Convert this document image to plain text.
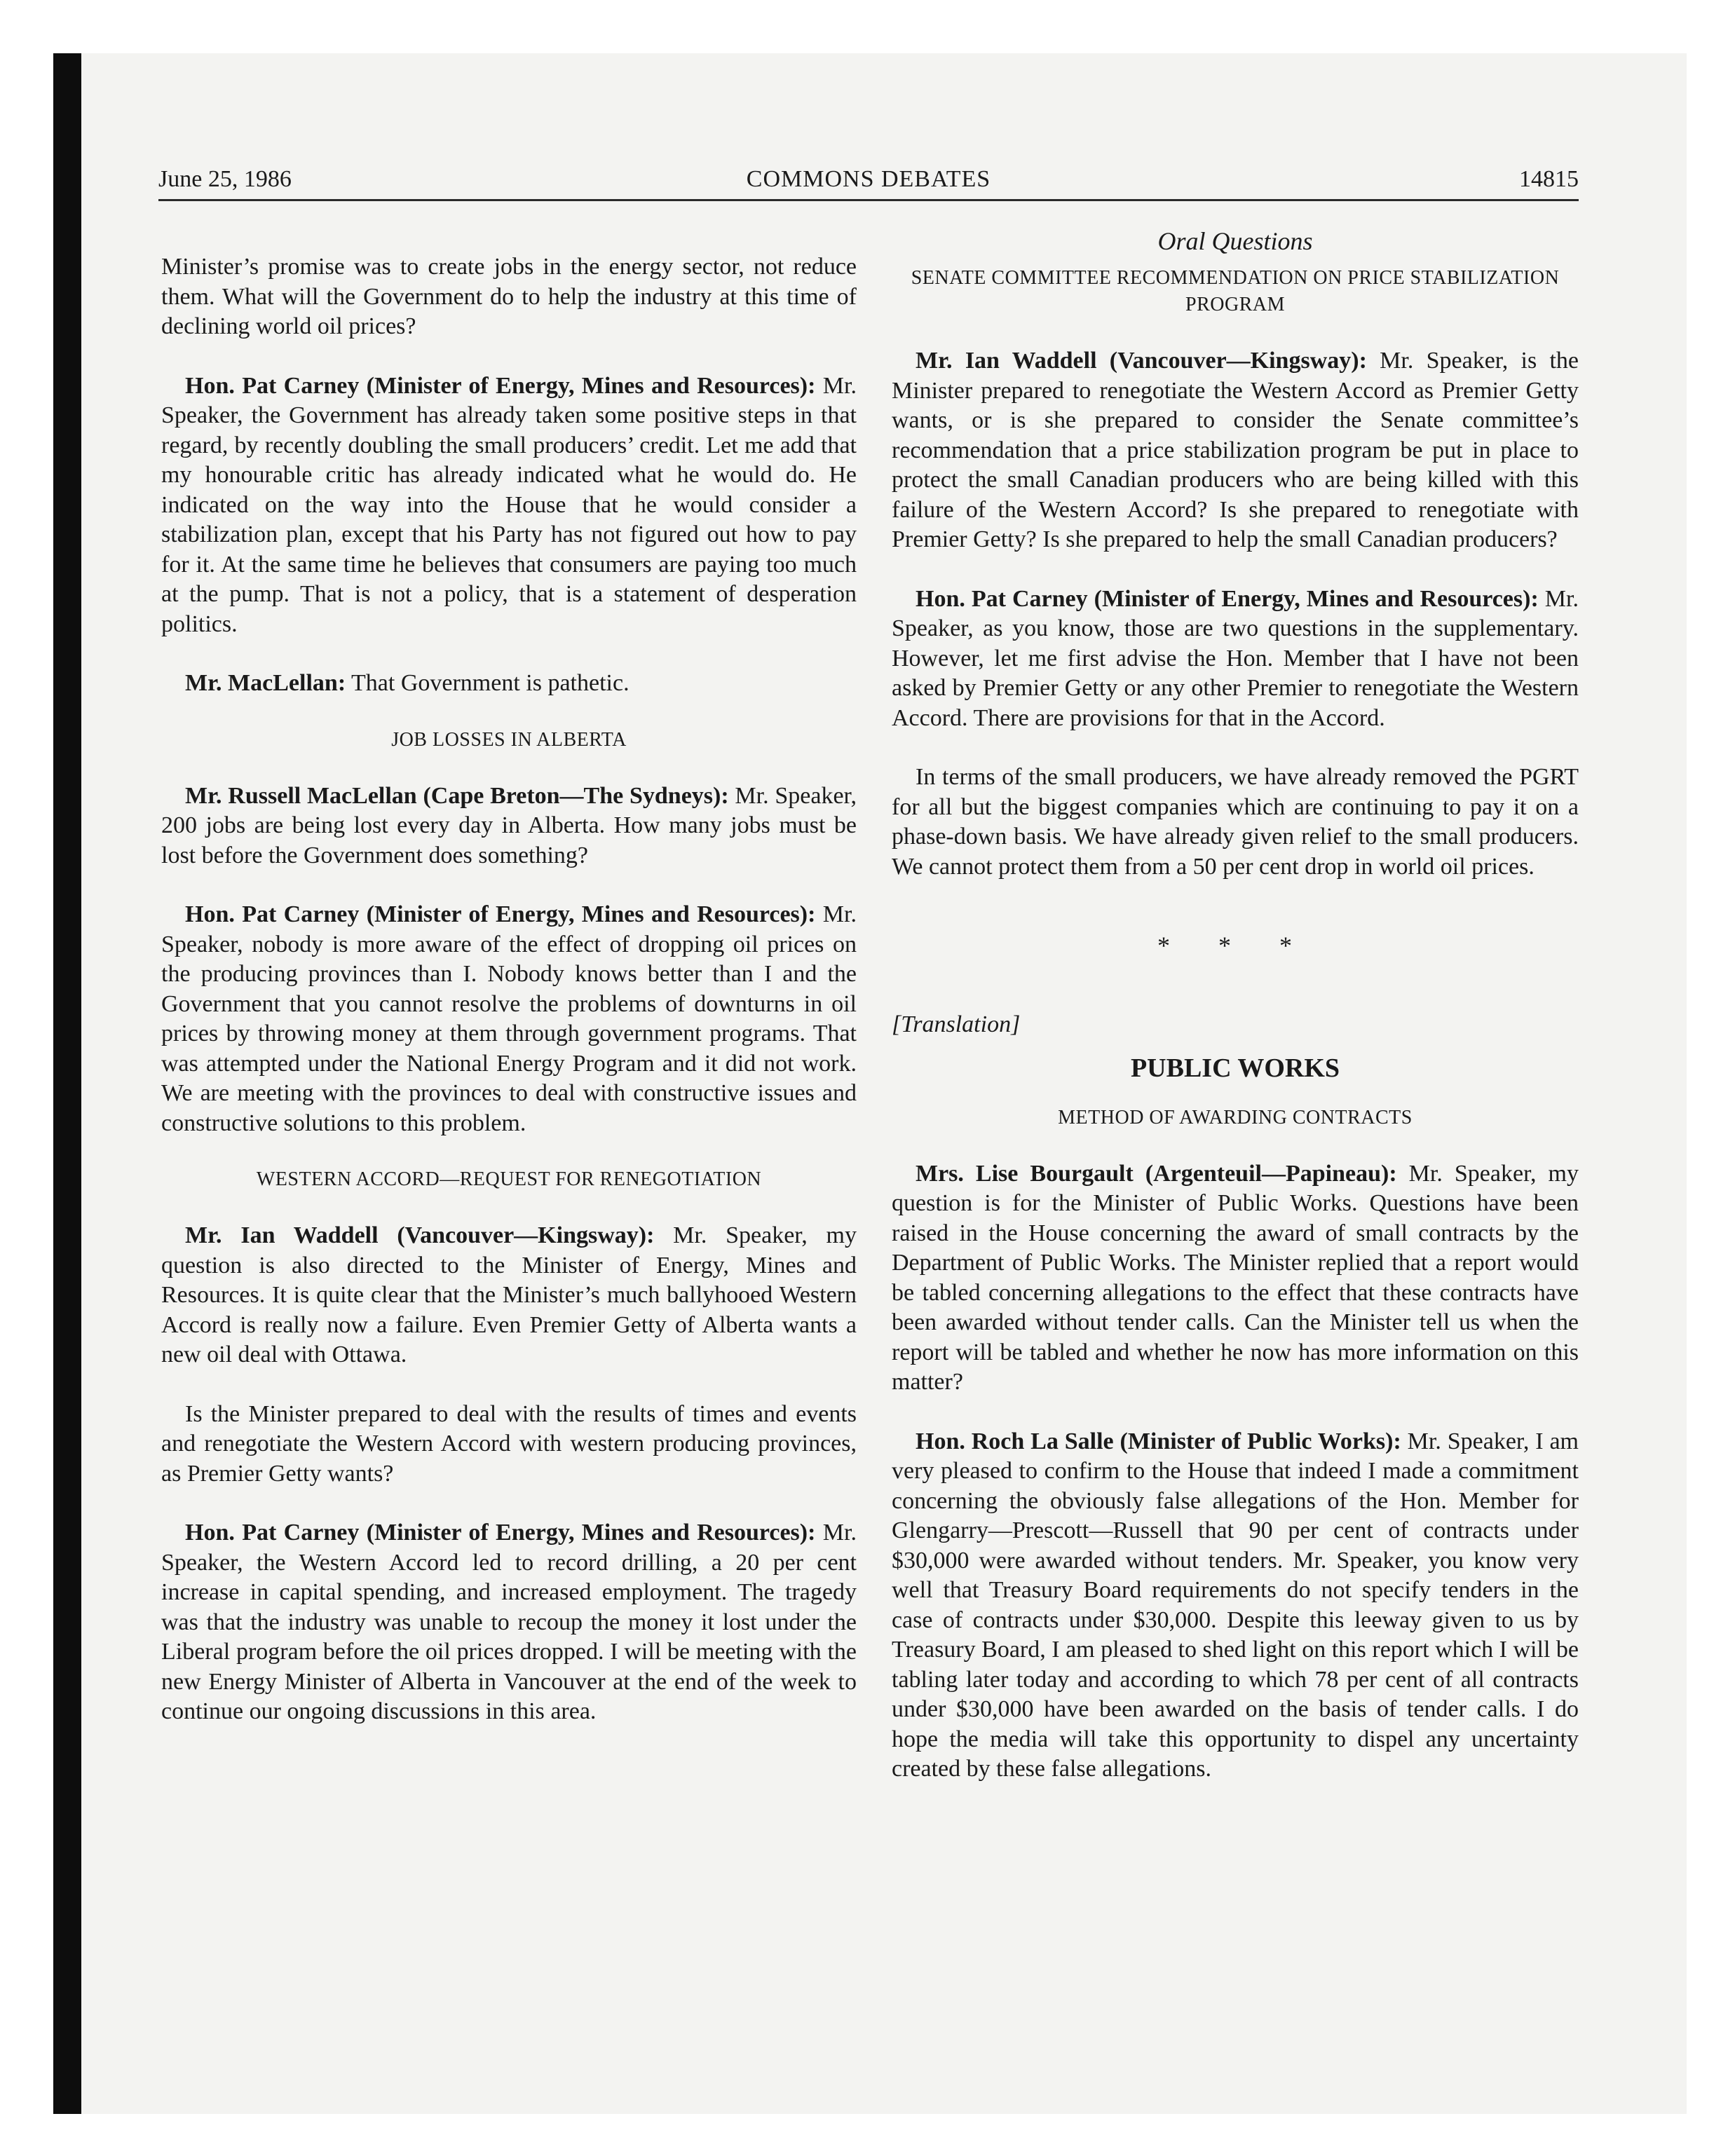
COMMONS DEBATES
June 25, 1986	14815

Minister’s promise was to create jobs in the energy sector, not reduce them. What will the Government do to help the industry at this time of declining world oil prices?

Hon. Pat Carney (Minister of Energy, Mines and Resources): Mr. Speaker, the Government has already taken some positive steps in that regard, by recently doubling the small producers’ credit. Let me add that my honourable critic has already indicated what he would do. He indicated on the way into the House that he would consider a stabilization plan, except that his Party has not figured out how to pay for it. At the same time he believes that consumers are paying too much at the pump. That is not a policy, that is a statement of desperation politics.

Mr. MacLellan: That Government is pathetic.

JOB LOSSES IN ALBERTA

Mr. Russell MacLellan (Cape Breton—The Sydneys): Mr. Speaker, 200 jobs are being lost every day in Alberta. How many jobs must be lost before the Government does something?

Hon. Pat Carney (Minister of Energy, Mines and Resources): Mr. Speaker, nobody is more aware of the effect of dropping oil prices on the producing provinces than I. Nobody knows better than I and the Government that you cannot resolve the problems of downturns in oil prices by throwing money at them through government programs. That was attempted under the National Energy Program and it did not work. We are meeting with the provinces to deal with constructive issues and constructive solutions to this problem.

WESTERN ACCORD—REQUEST FOR RENEGOTIATION

Mr. Ian Waddell (Vancouver—Kingsway): Mr. Speaker, my question is also directed to the Minister of Energy, Mines and Resources. It is quite clear that the Minister’s much ballyhooed Western Accord is really now a failure. Even Premier Getty of Alberta wants a new oil deal with Ottawa.

Is the Minister prepared to deal with the results of times and events and renegotiate the Western Accord with western producing provinces, as Premier Getty wants?

Hon. Pat Carney (Minister of Energy, Mines and Resources): Mr. Speaker, the Western Accord led to record drilling, a 20 per cent increase in capital spending, and increased employment. The tragedy was that the industry was unable to recoup the money it lost under the Liberal program before the oil prices dropped. I will be meeting with the new Energy Minister of Alberta in Vancouver at the end of the week to continue our ongoing discussions in this area.

Oral Questions
SENATE COMMITTEE RECOMMENDATION ON PRICE STABILIZATION PROGRAM

Mr. Ian Waddell (Vancouver—Kingsway): Mr. Speaker, is the Minister prepared to renegotiate the Western Accord as Premier Getty wants, or is she prepared to consider the Senate committee’s recommendation that a price stabilization program be put in place to protect the small Canadian producers who are being killed with this failure of the Western Accord? Is she prepared to renegotiate with Premier Getty? Is she prepared to help the small Canadian producers?

Hon. Pat Carney (Minister of Energy, Mines and Resources): Mr. Speaker, as you know, those are two questions in the supplementary. However, let me first advise the Hon. Member that I have not been asked by Premier Getty or any other Premier to renegotiate the Western Accord. There are provisions for that in the Accord.

In terms of the small producers, we have already removed the PGRT for all but the biggest companies which are continuing to pay it on a phase-down basis. We have already given relief to the small producers. We cannot protect them from a 50 per cent drop in world oil prices.

* * *
[Translation]
PUBLIC WORKS
METHOD OF AWARDING CONTRACTS

Mrs. Lise Bourgault (Argenteuil—Papineau): Mr. Speaker, my question is for the Minister of Public Works. Questions have been raised in the House concerning the award of small contracts by the Department of Public Works. The Minister replied that a report would be tabled concerning allegations to the effect that these contracts have been awarded without tender calls. Can the Minister tell us when the report will be tabled and whether he now has more information on this matter?

Hon. Roch La Salle (Minister of Public Works): Mr. Speaker, I am very pleased to confirm to the House that indeed I made a commitment concerning the obviously false allegations of the Hon. Member for Glengarry—Prescott—Russell that 90 per cent of contracts under $30,000 were awarded without tenders. Mr. Speaker, you know very well that Treasury Board requirements do not specify tenders in the case of contracts under $30,000. Despite this leeway given to us by Treasury Board, I am pleased to shed light on this report which I will be tabling later today and according to which 78 per cent of all contracts under $30,000 have been awarded on the basis of tender calls. I do hope the media will take this opportunity to dispel any uncertainty created by these false allegations.
